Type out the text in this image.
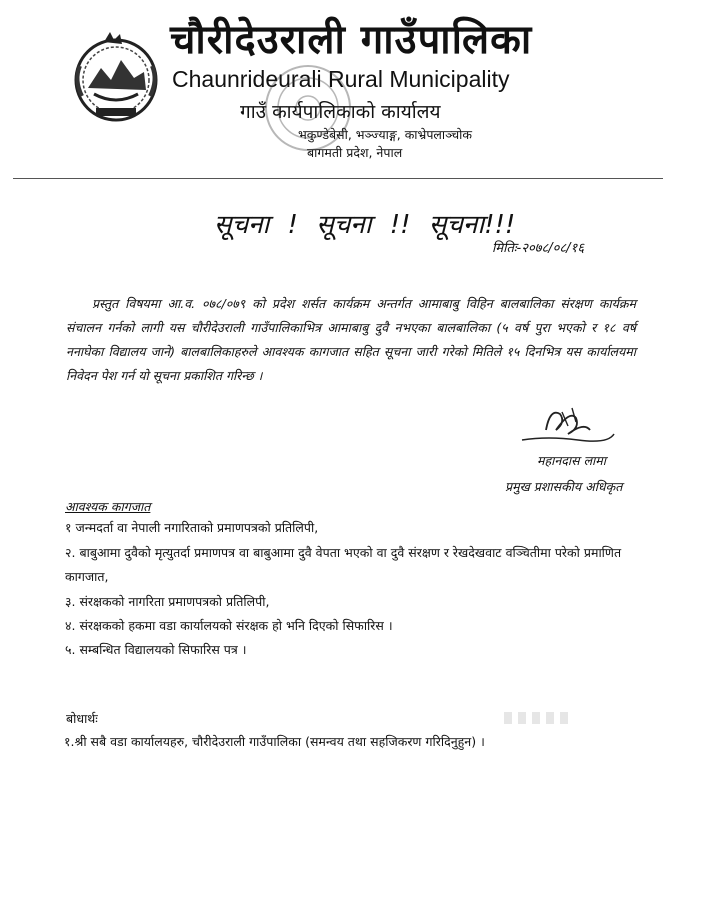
चौरीदेउराली गाउँपालिका
Chaunrideurali Rural Municipality
गाउँ कार्यपालिकाको कार्यालय
भकुण्डेबेसी, भञ्ज्याङ्ग, काभ्रेपलाञ्चोक
बागमती प्रदेश, नेपाल
सूचना ! सूचना !! सूचना!!!
मितिः-२०७८/०८/१६
प्रस्तुत विषयमा आ.व. ०७८/०७९ को प्रदेश शर्सत कार्यक्रम अन्तर्गत आमाबाबु विहिन बालबालिका संरक्षण कार्यक्रम संचालन गर्नको लागी यस चौरीदेउराली गाउँपालिकाभित्र आमाबाबु दुवै नभएका बालबालिका (५ वर्ष पुरा भएको र १८ वर्ष ननाघेका विद्यालय जाने) बालबालिकाहरुले आवश्यक कागजात सहित सूचना जारी गरेको मितिले १५ दिनभित्र यस कार्यालयमा निवेदन पेश गर्न यो सूचना प्रकाशित गरिन्छ ।
महानदास लामा
प्रमुख प्रशासकीय अधिकृत
आवश्यक कागजात
१ जन्मदर्ता वा नेपाली नगारिताको प्रमाणपत्रको प्रतिलिपी,
२. बाबुआमा दुवैको मृत्युतर्दा प्रमाणपत्र वा बाबुआमा दुवै वेपता भएको वा दुवै संरक्षण र रेखदेखवाट वञ्चितीमा परेको प्रमाणित कागजात,
३. संरक्षकको नागरिता प्रमाणपत्रको प्रतिलिपी,
४. संरक्षकको हकमा वडा कार्यालयको संरक्षक हो भनि दिएको सिफारिस ।
५. सम्बन्धित विद्यालयको सिफारिस पत्र ।
बोधार्थः
१.श्री सबै वडा कार्यालयहरु, चौरीदेउराली गाउँपालिका (समन्वय तथा सहजिकरण गरिदिनुहुन) ।
